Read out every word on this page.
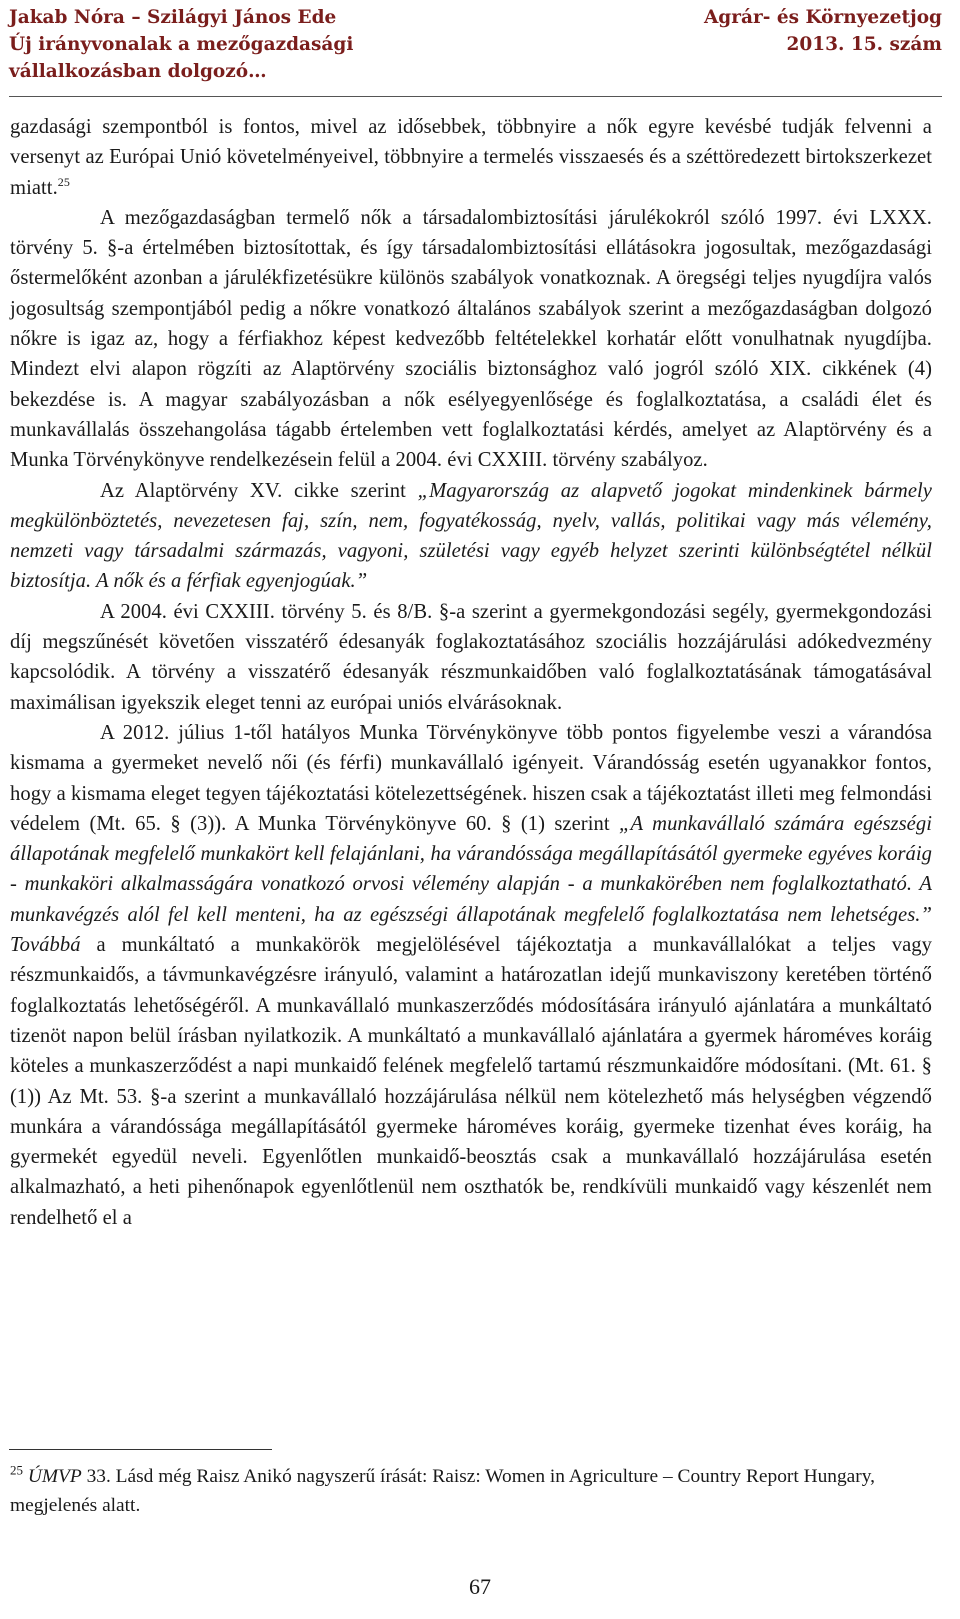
Jakab Nóra – Szilágyi János Ede
Új irányvonalak a mezőgazdasági
vállalkozásban dolgozó…
Agrár- és Környezetjog
2013. 15. szám

gazdasági szempontból is fontos, mivel az idősebbek, többnyire a nők egyre kevésbé tudják felvenni a versenyt az Európai Unió követelményeivel, többnyire a termelés visszaesés és a széttöredezett birtokszerkezet miatt.$^{25}$

A mezőgazdaságban termelő nők a társadalombiztosítási járulékokról szóló 1997. évi LXXX. törvény 5. §-a értelmében biztosítottak, és így társadalombiztosítási ellátásokra jogosultak, mezőgazdasági őstermelőként azonban a járulékfizetésükre különös szabályok vonatkoznak. A öregségi teljes nyugdíjra valós jogosultság szempontjából pedig a nőkre vonatkozó általános szabályok szerint a mezőgazdaságban dolgozó nőkre is igaz az, hogy a férfiakhoz képest kedvezőbb feltételekkel korhatár előtt vonulhatnak nyugdíjba. Mindezt elvi alapon rögzíti az Alaptörvény szociális biztonsághoz való jogról szóló XIX. cikkének (4) bekezdése is. A magyar szabályozásban a nők esélyegyenlősége és foglalkoztatása, a családi élet és munkavállalás összehangolása tágabb értelemben vett foglalkoztatási kérdés, amelyet az Alaptörvény és a Munka Törvénykönyve rendelkezésein felül a 2004. évi CXXIII. törvény szabályoz.

Az Alaptörvény XV. cikke szerint „Magyarország az alapvető jogokat mindenkinek bármely megkülönböztetés, nevezetesen faj, szín, nem, fogyatékosság, nyelv, vallás, politikai vagy más vélemény, nemzeti vagy társadalmi származás, vagyoni, születési vagy egyéb helyzet szerinti különbségtétel nélkül biztosítja. A nők és a férfiak egyenjogúak.”

A 2004. évi CXXIII. törvény 5. és 8/B. §-a szerint a gyermekgondozási segély, gyermekgondozási díj megszűnését követően visszatérő édesanyák foglakoztatásához szociális hozzájárulási adókedvezmény kapcsolódik. A törvény a visszatérő édesanyák részmunkaidőben való foglalkoztatásának támogatásával maximálisan igyekszik eleget tenni az európai uniós elvárásoknak.

A 2012. július 1-től hatályos Munka Törvénykönyve több pontos figyelembe veszi a várandósa kismama a gyermeket nevelő női (és férfi) munkavállaló igényeit. Várandósság esetén ugyanakkor fontos, hogy a kismama eleget tegyen tájékoztatási kötelezettségének. hiszen csak a tájékoztatást illeti meg felmondási védelem (Mt. 65. § (3)). A Munka Törvénykönyve 60. § (1) szerint „A munkavállaló számára egészségi állapotának megfelelő munkakört kell felajánlani, ha várandóssága megállapításától gyermeke egyéves koráig - munkaköri alkalmasságára vonatkozó orvosi vélemény alapján - a munkakörében nem foglalkoztatható. A munkavégzés alól fel kell menteni, ha az egészségi állapotának megfelelő foglalkoztatása nem lehetséges.” Továbbá a munkáltató a munkakörök megjelölésével tájékoztatja a munkavállalókat a teljes vagy részmunkaidős, a távmunkavégzésre irányuló, valamint a határozatlan idejű munkaviszony keretében történő foglalkoztatás lehetőségéről. A munkavállaló munkaszerződés módosítására irányuló ajánlatára a munkáltató tizenöt napon belül írásban nyilatkozik. A munkáltató a munkavállaló ajánlatára a gyermek hároméves koráig köteles a munkaszerződést a napi munkaidő felének megfelelő tartamú részmunkaidőre módosítani. (Mt. 61. § (1)) Az Mt. 53. §-a szerint a munkavállaló hozzájárulása nélkül nem kötelezhető más helységben végzendő munkára a várandóssága megállapításától gyermeke hároméves koráig, gyermeke tizenhat éves koráig, ha gyermekét egyedül neveli. Egyenlőtlen munkaidő-beosztás csak a munkavállaló hozzájárulása esetén alkalmazható, a heti pihenőnapok egyenlőtlenül nem oszthatók be, rendkívüli munkaidő vagy készenlét nem rendelhető el a

$^{25}$ ÚMVP 33. Lásd még Raisz Anikó nagyszerű írását: Raisz: Women in Agriculture – Country Report Hungary, megjelenés alatt.
67
